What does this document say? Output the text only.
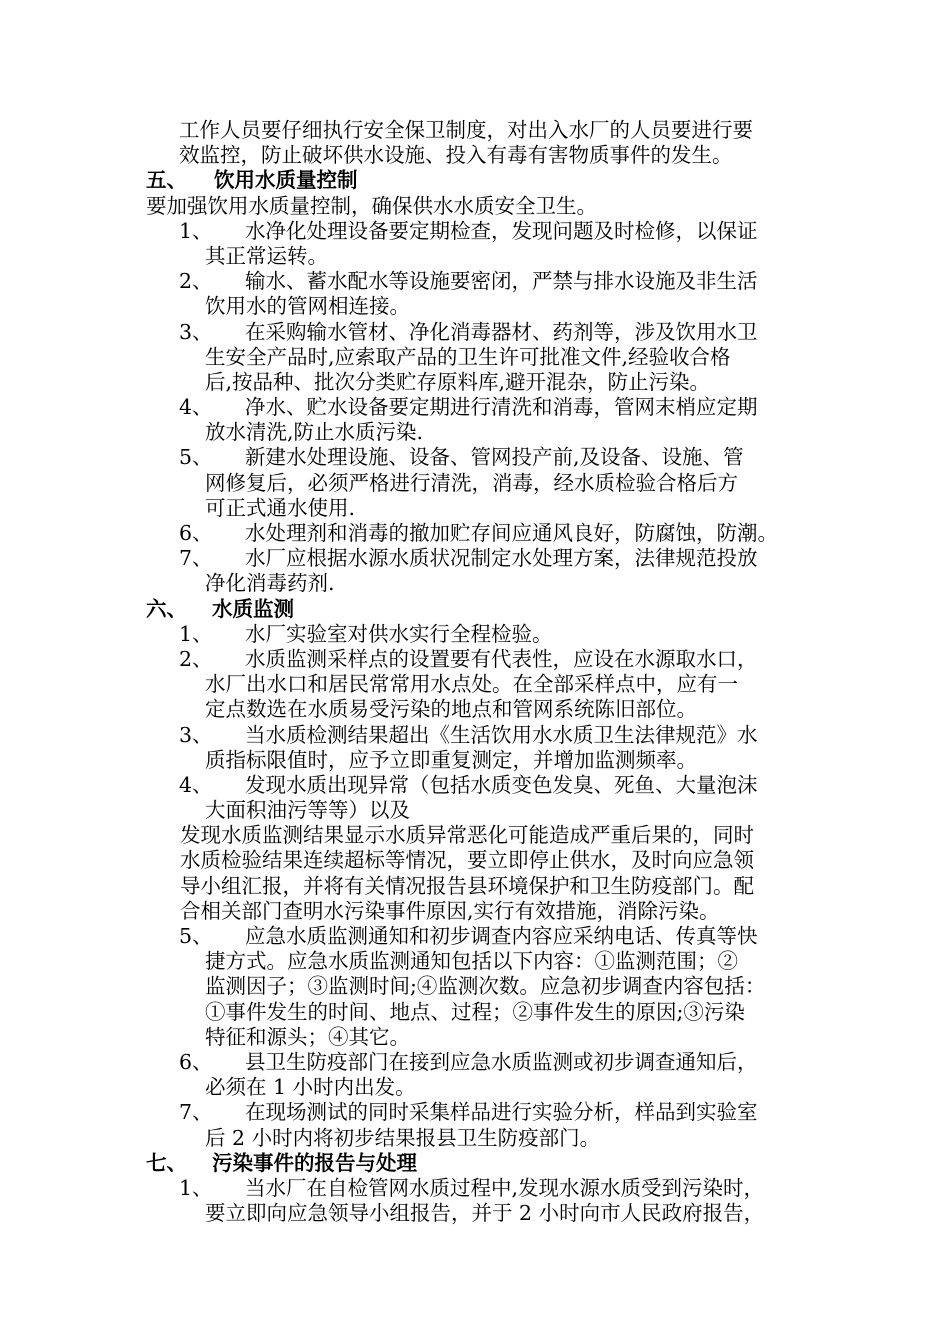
工作人员要仔细执行安全保卫制度，对出入水厂的人员要进行要
效监控，防止破坏供水设施、投入有毒有害物质事件的发生。
五、 饮用水质量控制
要加强饮用水质量控制，确保供水水质安全卫生。
1、 水净化处理设备要定期检查，发现问题及时检修，以保证
其正常运转。
2、 输水、蓄水配水等设施要密闭，严禁与排水设施及非生活
饮用水的管网相连接。
3、 在采购输水管材、净化消毒器材、药剂等，涉及饮用水卫
生安全产品时,应索取产品的卫生许可批准文件,经验收合格
后,按品种、批次分类贮存原料库,避开混杂，防止污染。
4、 净水、贮水设备要定期进行清洗和消毒，管网末梢应定期
放水清洗,防止水质污染.
5、 新建水处理设施、设备、管网投产前,及设备、设施、管
网修复后，必须严格进行清洗，消毒，经水质检验合格后方
可正式通水使用.
6、 水处理剂和消毒的撤加贮存间应通风良好，防腐蚀，防潮。
7、 水厂应根据水源水质状况制定水处理方案，法律规范投放
净化消毒药剂.
六、 水质监测
1、 水厂实验室对供水实行全程检验。
2、 水质监测采样点的设置要有代表性，应设在水源取水口，
水厂出水口和居民常常用水点处。在全部采样点中，应有一
定点数选在水质易受污染的地点和管网系统陈旧部位。
3、 当水质检测结果超出《生活饮用水水质卫生法律规范》水
质指标限值时，应予立即重复测定，并增加监测频率。
4、 发现水质出现异常（包括水质变色发臭、死鱼、大量泡沫
大面积油污等等）以及
发现水质监测结果显示水质异常恶化可能造成严重后果的，同时
水质检验结果连续超标等情况，要立即停止供水，及时向应急领
导小组汇报，并将有关情况报告县环境保护和卫生防疫部门。配
合相关部门查明水污染事件原因,实行有效措施，消除污染。
5、 应急水质监测通知和初步调查内容应采纳电话、传真等快
捷方式。应急水质监测通知包括以下内容：①监测范围；②
监测因子；③监测时间;④监测次数。应急初步调查内容包括：
①事件发生的时间、地点、过程；②事件发生的原因;③污染
特征和源头；④其它。
6、 县卫生防疫部门在接到应急水质监测或初步调查通知后，
必须在 1 小时内出发。
7、 在现场测试的同时采集样品进行实验分析，样品到实验室
后 2 小时内将初步结果报县卫生防疫部门。
七、 污染事件的报告与处理
1、 当水厂在自检管网水质过程中,发现水源水质受到污染时，
要立即向应急领导小组报告，并于 2 小时向市人民政府报告，
